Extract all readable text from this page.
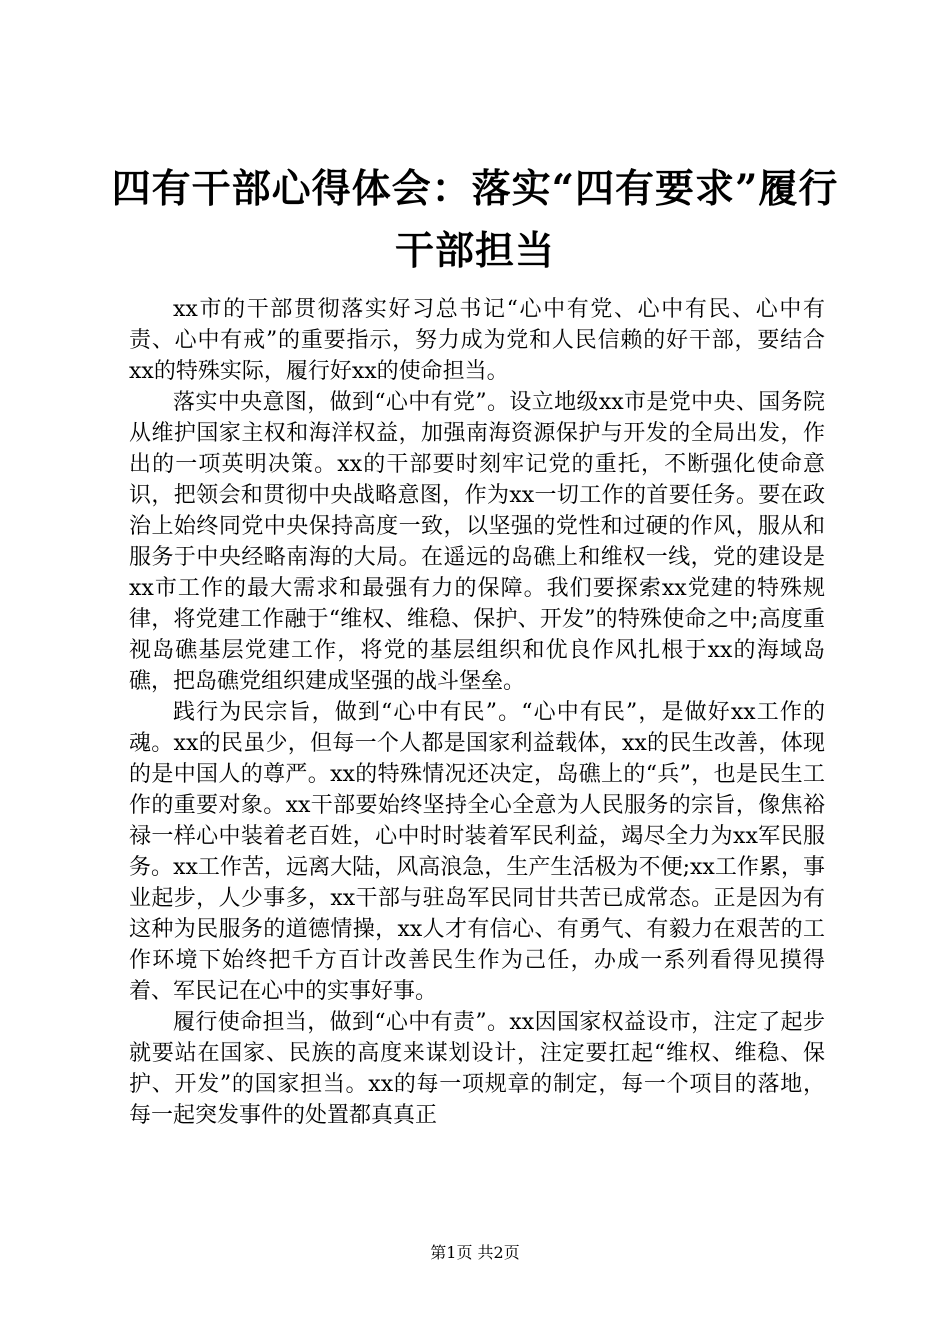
四有干部心得体会：落实“四有要求”履行干部担当

xx市的干部贯彻落实好习总书记“心中有党、心中有民、心中有责、心中有戒”的重要指示，努力成为党和人民信赖的好干部，要结合xx的特殊实际，履行好xx的使命担当。

落实中央意图，做到“心中有党”。设立地级xx市是党中央、国务院从维护国家主权和海洋权益，加强南海资源保护与开发的全局出发，作出的一项英明决策。xx的干部要时刻牢记党的重托，不断强化使命意识，把领会和贯彻中央战略意图，作为xx一切工作的首要任务。要在政治上始终同党中央保持高度一致，以坚强的党性和过硬的作风，服从和服务于中央经略南海的大局。在遥远的岛礁上和维权一线，党的建设是xx市工作的最大需求和最强有力的保障。我们要探索xx党建的特殊规律，将党建工作融于“维权、维稳、保护、开发”的特殊使命之中;高度重视岛礁基层党建工作，将党的基层组织和优良作风扎根于xx的海域岛礁，把岛礁党组织建成坚强的战斗堡垒。

践行为民宗旨，做到“心中有民”。“心中有民”，是做好xx工作的魂。xx的民虽少，但每一个人都是国家利益载体，xx的民生改善，体现的是中国人的尊严。xx的特殊情况还决定，岛礁上的“兵”，也是民生工作的重要对象。xx干部要始终坚持全心全意为人民服务的宗旨，像焦裕禄一样心中装着老百姓，心中时时装着军民利益，竭尽全力为xx军民服务。xx工作苦，远离大陆，风高浪急，生产生活极为不便;xx工作累，事业起步，人少事多，xx干部与驻岛军民同甘共苦已成常态。正是因为有这种为民服务的道德情操，xx人才有信心、有勇气、有毅力在艰苦的工作环境下始终把千方百计改善民生作为己任，办成一系列看得见摸得着、军民记在心中的实事好事。

履行使命担当，做到“心中有责”。xx因国家权益设市，注定了起步就要站在国家、民族的高度来谋划设计，注定要扛起“维权、维稳、保护、开发”的国家担当。xx的每一项规章的制定，每一个项目的落地，每一起突发事件的处置都真真正

第1页 共2页
